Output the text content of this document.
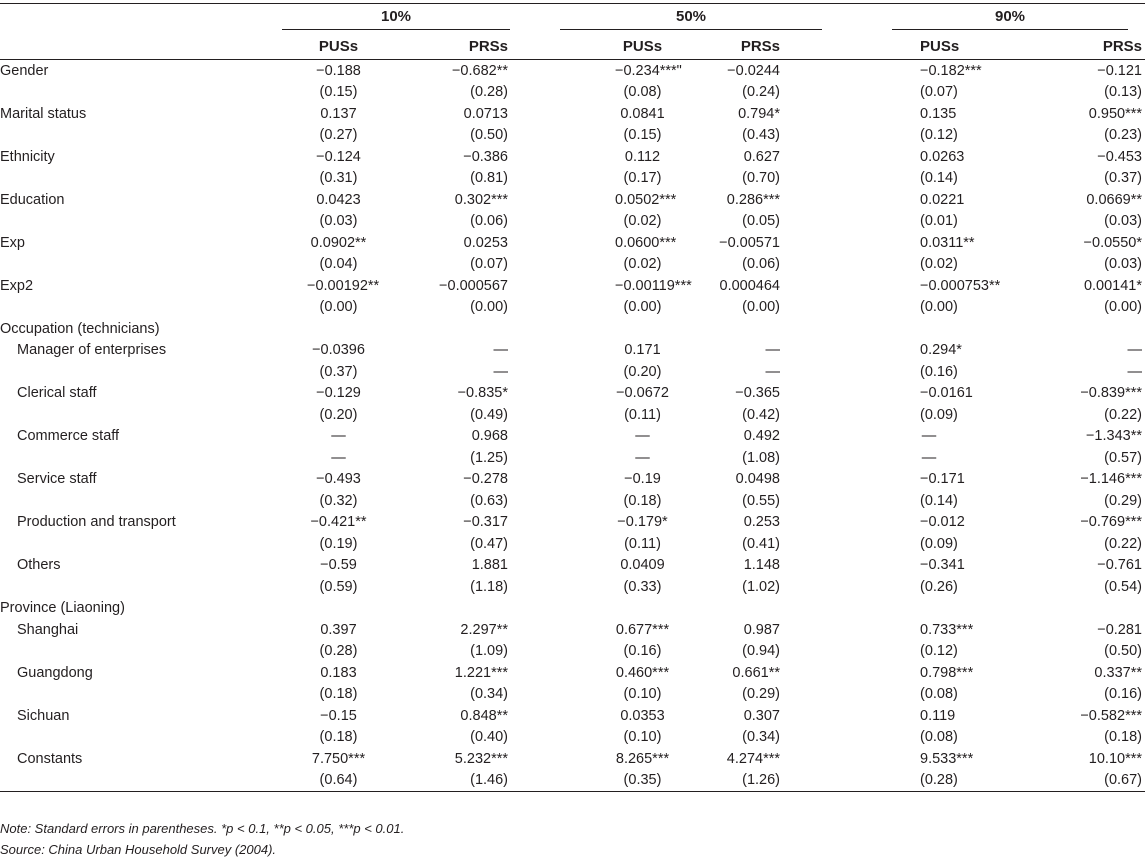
	10%		50%		90%	
	PUSs	PRSs	PUSs	PRSs	PUSs	PRSs
Gender	−0.188	−0.682**	−0.234***"	−0.0244	−0.182***	−0.121
	(0.15)	(0.28)	(0.08)	(0.24)	(0.07)	(0.13)
Marital status	0.137	0.0713	0.0841	0.794*	0.135	0.950***
	(0.27)	(0.50)	(0.15)	(0.43)	(0.12)	(0.23)
Ethnicity	−0.124	−0.386	0.112	0.627	0.0263	−0.453
	(0.31)	(0.81)	(0.17)	(0.70)	(0.14)	(0.37)
Education	0.0423	0.302***	0.0502***	0.286***	0.0221	0.0669**
	(0.03)	(0.06)	(0.02)	(0.05)	(0.01)	(0.03)
Exp	0.0902**	0.0253	0.0600***	−0.00571	0.0311**	−0.0550*
	(0.04)	(0.07)	(0.02)	(0.06)	(0.02)	(0.03)
Exp2	−0.00192**	−0.000567	−0.00119***	0.000464	−0.000753**	0.00141*
	(0.00)	(0.00)	(0.00)	(0.00)	(0.00)	(0.00)
Occupation (technicians)						
Manager of enterprises	−0.0396	—	0.171	—	0.294*	—
	(0.37)	—	(0.20)	—	(0.16)	—
Clerical staff	−0.129	−0.835*	−0.0672	−0.365	−0.0161	−0.839***
	(0.20)	(0.49)	(0.11)	(0.42)	(0.09)	(0.22)
Commerce staff	—	0.968	—	0.492	—	−1.343**
	—	(1.25)	—	(1.08)	—	(0.57)
Service staff	−0.493	−0.278	−0.19	0.0498	−0.171	−1.146***
	(0.32)	(0.63)	(0.18)	(0.55)	(0.14)	(0.29)
Production and transport	−0.421**	−0.317	−0.179*	0.253	−0.012	−0.769***
	(0.19)	(0.47)	(0.11)	(0.41)	(0.09)	(0.22)
Others	−0.59	1.881	0.0409	1.148	−0.341	−0.761
	(0.59)	(1.18)	(0.33)	(1.02)	(0.26)	(0.54)
Province (Liaoning)						
Shanghai	0.397	2.297**	0.677***	0.987	0.733***	−0.281
	(0.28)	(1.09)	(0.16)	(0.94)	(0.12)	(0.50)
Guangdong	0.183	1.221***	0.460***	0.661**	0.798***	0.337**
	(0.18)	(0.34)	(0.10)	(0.29)	(0.08)	(0.16)
Sichuan	−0.15	0.848**	0.0353	0.307	0.119	−0.582***
	(0.18)	(0.40)	(0.10)	(0.34)	(0.08)	(0.18)
Constants	7.750***	5.232***	8.265***	4.274***	9.533***	10.10***
	(0.64)	(1.46)	(0.35)	(1.26)	(0.28)	(0.67)
Note: Standard errors in parentheses. *p < 0.1, **p < 0.05, ***p < 0.01.
Source: China Urban Household Survey (2004).
